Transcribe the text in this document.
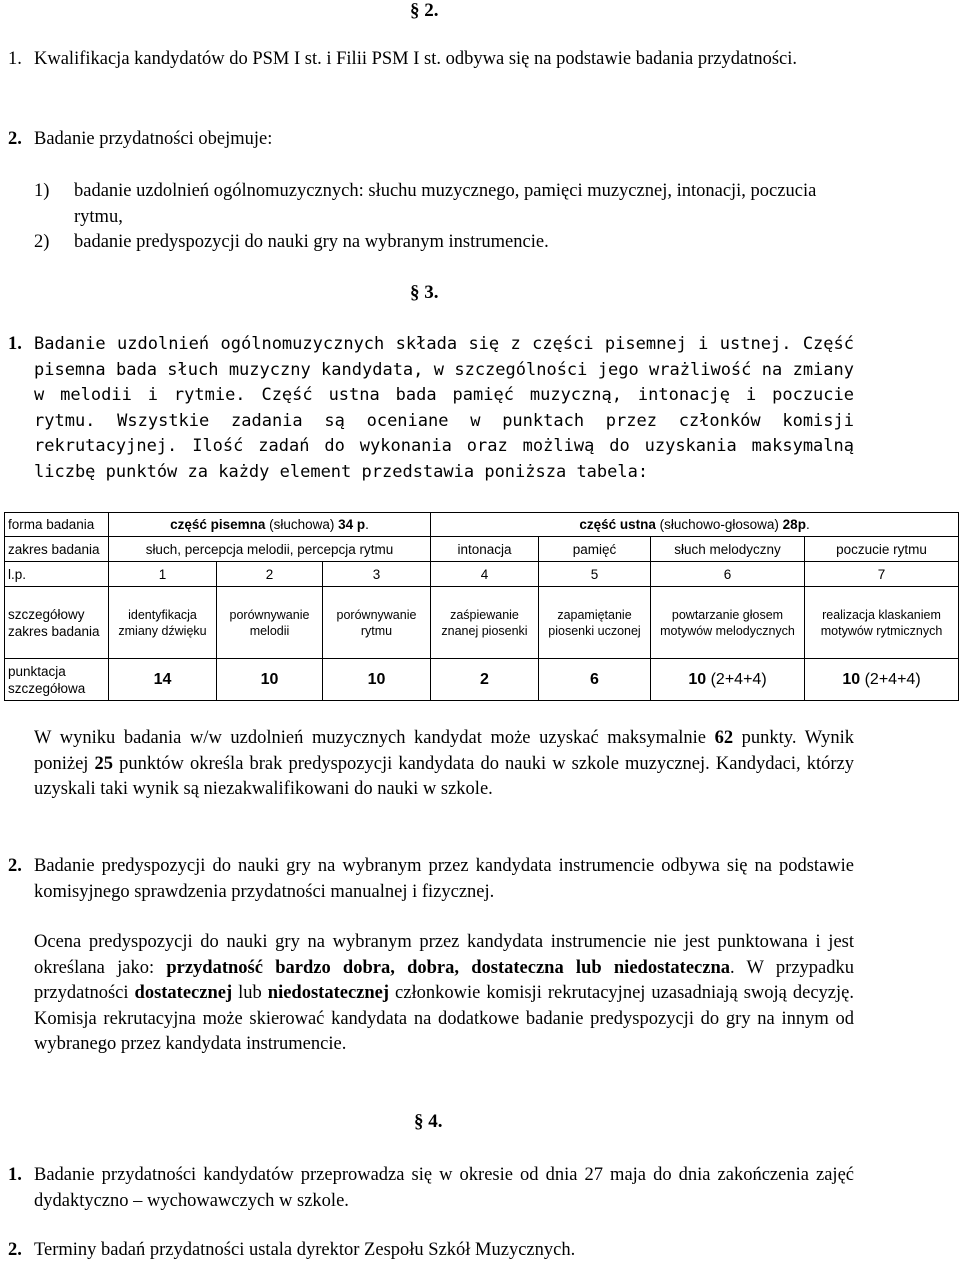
§ 2.
1. Kwalifikacja kandydatów do PSM I st. i Filii PSM I st. odbywa się na podstawie badania przydatności.
2. Badanie przydatności obejmuje:
1)	badanie uzdolnień ogólnomuzycznych: słuchu muzycznego, pamięci muzycznej, intonacji, poczucia rytmu,
2)	badanie predyspozycji do nauki gry na wybranym instrumencie.
§ 3.
1. Badanie uzdolnień ogólnomuzycznych składa się z części pisemnej i ustnej. Część pisemna bada słuch muzyczny kandydata, w szczególności jego wrażliwość na zmiany w melodii i rytmie. Część ustna bada pamięć muzyczną, intonację i poczucie rytmu. Wszystkie zadania są oceniane w punktach przez członków komisji rekrutacyjnej. Ilość zadań do wykonania oraz możliwą do uzyskania maksymalną liczbę punktów za każdy element przedstawia poniższa tabela:
forma badania	część pisemna (słuchowa) 34 p.			część ustna (słuchowo-głosowa) 28p.			
zakres badania	słuch, percepcja melodii, percepcja rytmu			intonacja	pamięć	słuch melodyczny	poczucie rytmu
l.p.	1	2	3	4	5	6	7
szczegółowy zakres badania	identyfikacja zmiany dźwięku	porównywanie melodii	porównywanie rytmu	zaśpiewanie znanej piosenki	zapamiętanie piosenki uczonej	powtarzanie głosem motywów melodycznych	realizacja klaskaniem motywów rytmicznych
punktacja szczegółowa	14	10	10	2	6	10 (2+4+4)	10 (2+4+4)
W wyniku badania w/w uzdolnień muzycznych kandydat może uzyskać maksymalnie 62 punkty. Wynik poniżej 25 punktów określa brak predyspozycji kandydata do nauki w szkole muzycznej. Kandydaci, którzy uzyskali taki wynik są niezakwalifikowani do nauki w szkole.
2. Badanie predyspozycji do nauki gry na wybranym przez kandydata instrumencie odbywa się na podstawie komisyjnego sprawdzenia przydatności manualnej i fizycznej.
Ocena predyspozycji do nauki gry na wybranym przez kandydata instrumencie nie jest punktowana i jest określana jako: przydatność bardzo dobra, dobra, dostateczna lub niedostateczna. W przypadku przydatności dostatecznej lub niedostatecznej członkowie komisji rekrutacyjnej uzasadniają swoją decyzję. Komisja rekrutacyjna może skierować kandydata na dodatkowe badanie predyspozycji do gry na innym od wybranego przez kandydata instrumencie.
§ 4.
1. Badanie przydatności kandydatów przeprowadza się w okresie od dnia 27 maja do dnia zakończenia zajęć dydaktyczno – wychowawczych w szkole.
2. Terminy badań przydatności ustala dyrektor Zespołu Szkół Muzycznych.
